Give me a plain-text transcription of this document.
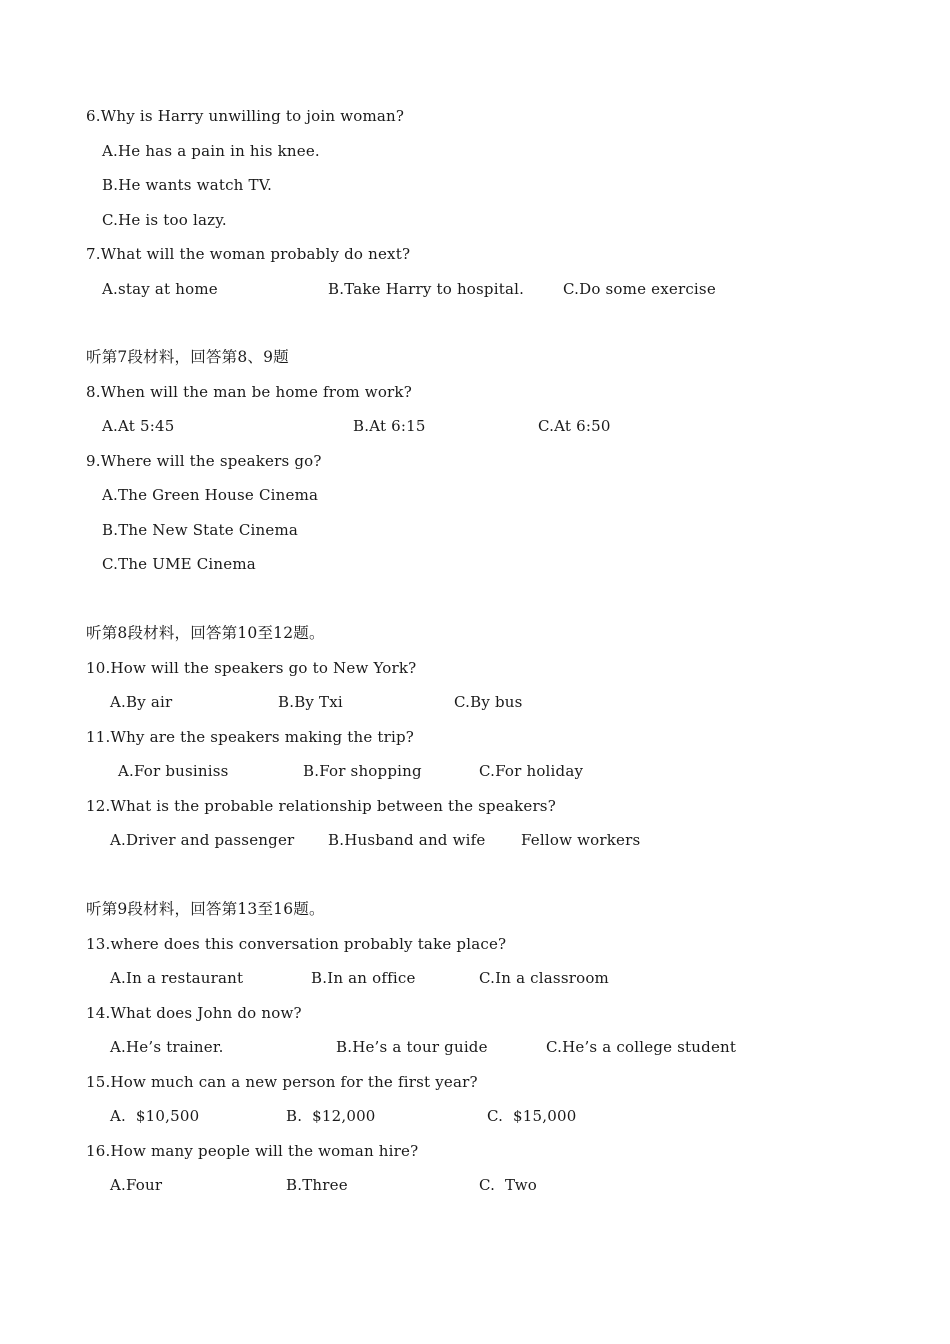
6.Why is Harry unwilling to join woman?
A.He has a pain in his knee.
B.He wants watch TV.
C.He is too lazy.
7.What will the woman probably do next?

A.stay at home

	B.Take Harry to hospital.

	C.Do some exercise

听第7段材料，回答第8、9题
8.When will the man be home from work?

A.At 5:45

	B.At 6:15

	C.At 6:50

9.Where will the speakers go?
A.The Green House Cinema
B.The New State Cinema
C.The UME Cinema
听第8段材料，回答第10至12题。
10.How will the speakers go to New York?

A.By air

	B.By Txi

	C.By bus

11.Why are the speakers making the trip?

A.For businiss

	B.For shopping

	C.For holiday

12.What is the probable relationship between the speakers?

A.Driver and passenger

B.Husband and wife

Fellow workers

听第9段材料，回答第13至16题。
13.where does this conversation probably take place?

A.In a restaurant

	B.In an office

	C.In a classroom

14.What does John do now?

A.He’s trainer.

	B.He’s a tour guide

	C.He’s a college student

15.How much can a new person for the first year?

A.  $10,500

	B.  $12,000

	C.  $15,000

16.How many people will the woman hire?

A.Four

	B.Three

	C.  Two
